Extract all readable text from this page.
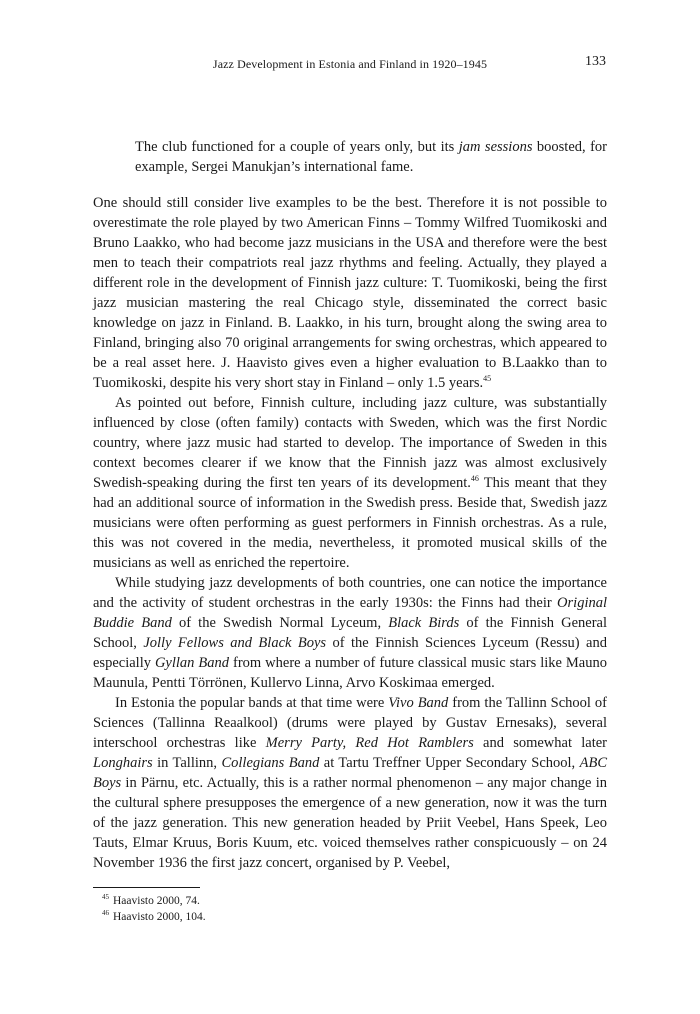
Jazz Development in Estonia and Finland in 1920–1945	133

The club functioned for a couple of years only, but its jam sessions boosted, for example, Sergei Manukjan’s international fame.

One should still consider live examples to be the best. Therefore it is not possible to overestimate the role played by two American Finns – Tommy Wilfred Tuomikoski and Bruno Laakko, who had become jazz musicians in the USA and therefore were the best men to teach their compatriots real jazz rhythms and feeling. Actually, they played a different role in the development of Finnish jazz culture: T. Tuomikoski, being the first jazz musician mastering the real Chicago style, disseminated the correct basic knowledge on jazz in Finland. B. Laakko, in his turn, brought along the swing area to Finland, bringing also 70 original arrangements for swing orchestras, which appeared to be a real asset here. J. Haavisto gives even a higher evaluation to B.Laakko than to Tuomikoski, despite his very short stay in Finland – only 1.5 years.$^{45}$

As pointed out before, Finnish culture, including jazz culture, was substantially influenced by close (often family) contacts with Sweden, which was the first Nordic country, where jazz music had started to develop. The importance of Sweden in this context becomes clearer if we know that the Finnish jazz was almost exclusively Swedish-speaking during the first ten years of its development.$^{46}$ This meant that they had an additional source of information in the Swedish press. Beside that, Swedish jazz musicians were often performing as guest performers in Finnish orchestras. As a rule, this was not covered in the media, nevertheless, it promoted musical skills of the musicians as well as enriched the repertoire.

While studying jazz developments of both countries, one can notice the importance and the activity of student orchestras in the early 1930s: the Finns had their Original Buddie Band of the Swedish Normal Lyceum, Black Birds of the Finnish General School, Jolly Fellows and Black Boys of the Finnish Sciences Lyceum (Ressu) and especially Gyllan Band from where a number of future classical music stars like Mauno Maunula, Pentti Törrönen, Kullervo Linna, Arvo Koskimaa emerged.

In Estonia the popular bands at that time were Vivo Band from the Tallinn School of Sciences (Tallinna Reaalkool) (drums were played by Gustav Ernesaks), several interschool orchestras like Merry Party, Red Hot Ramblers and somewhat later Longhairs in Tallinn, Collegians Band at Tartu Treffner Upper Secondary School, ABC Boys in Pärnu, etc. Actually, this is a rather normal phenomenon – any major change in the cultural sphere presupposes the emergence of a new generation, now it was the turn of the jazz generation. This new generation headed by Priit Veebel, Hans Speek, Leo Tauts, Elmar Kruus, Boris Kuum, etc. voiced themselves rather conspicuously – on 24 November 1936 the first jazz concert, organised by P. Veebel,

$^{45}$ Haavisto 2000, 74.
$^{46}$ Haavisto 2000, 104.
